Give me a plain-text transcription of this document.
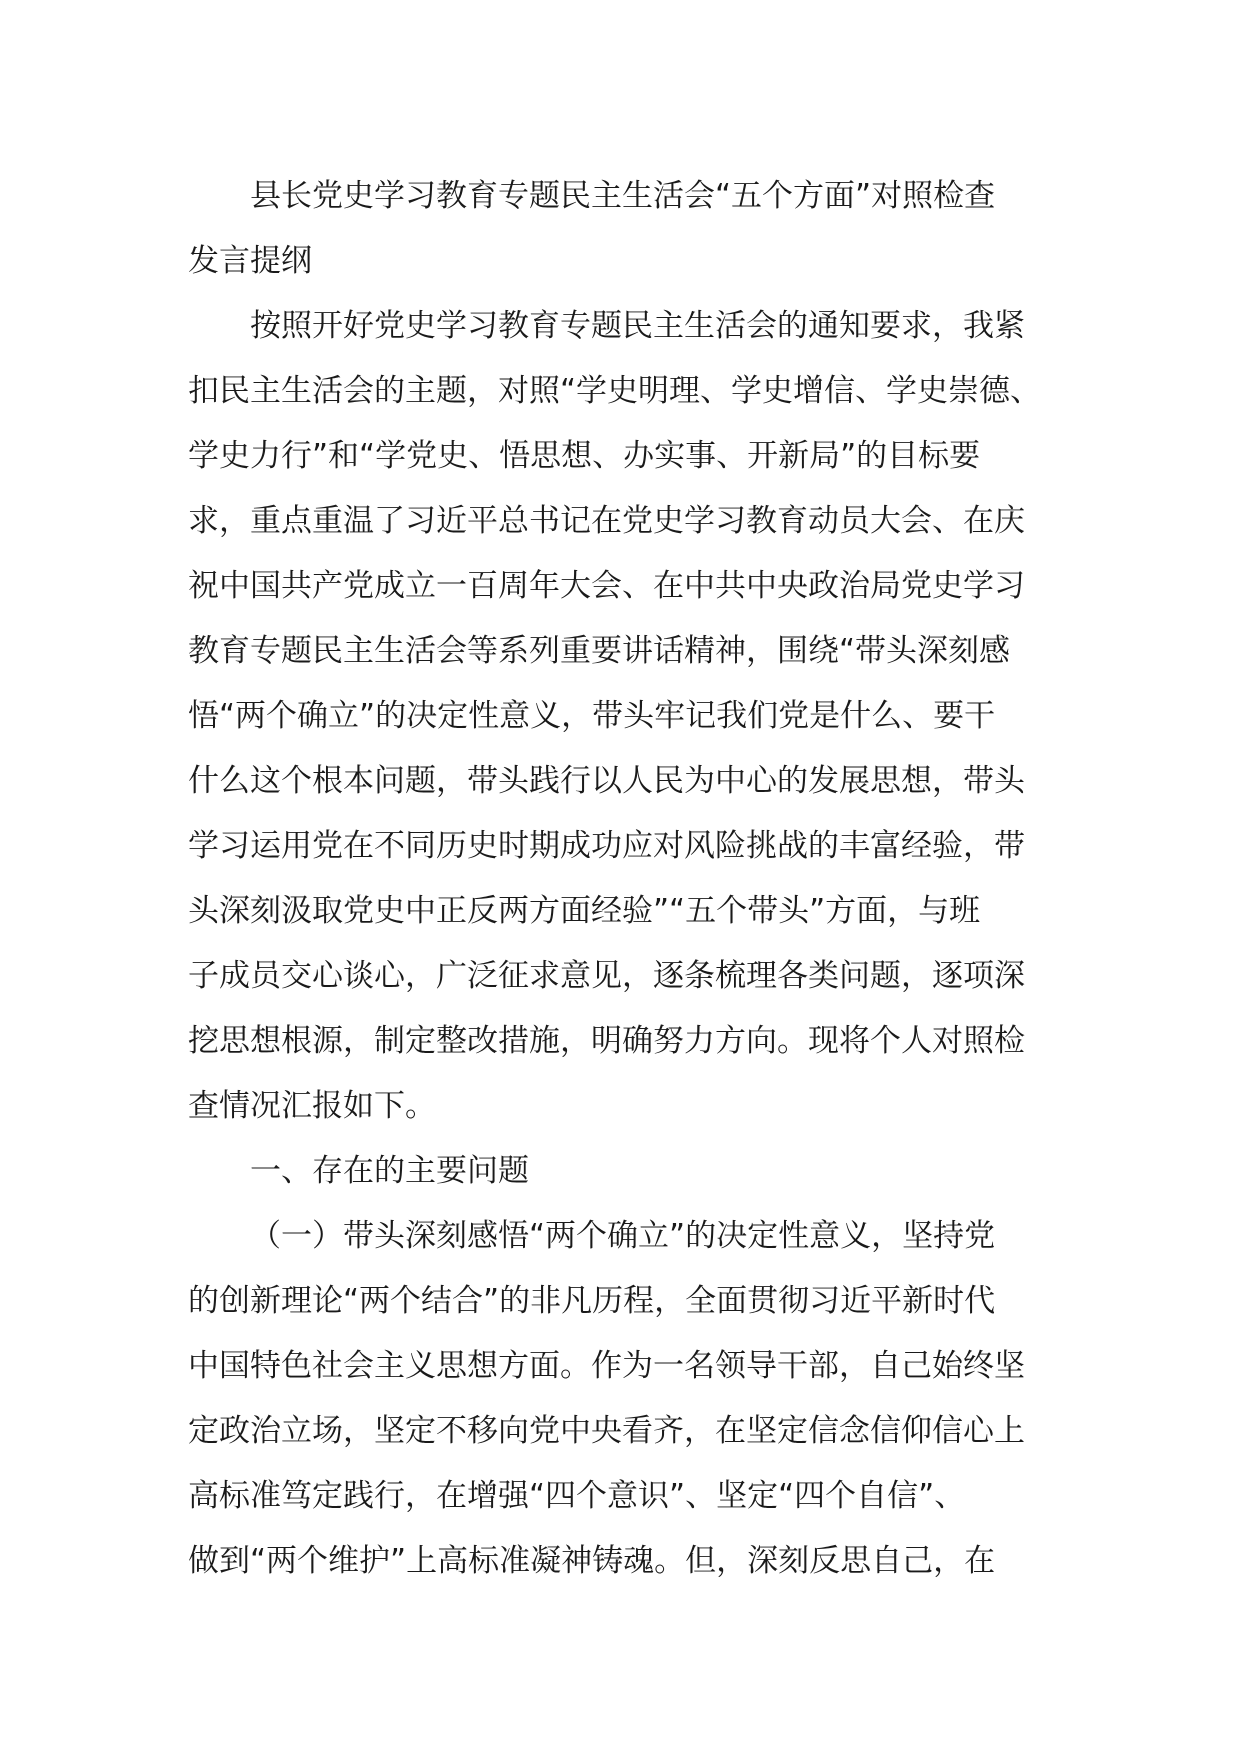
县长党史学习教育专题民主生活会“五个方面”对照检查
发言提纲
按照开好党史学习教育专题民主生活会的通知要求，我紧
扣民主生活会的主题，对照“学史明理、学史增信、学史崇德、
学史力行”和“学党史、悟思想、办实事、开新局”的目标要
求，重点重温了习近平总书记在党史学习教育动员大会、在庆
祝中国共产党成立一百周年大会、在中共中央政治局党史学习
教育专题民主生活会等系列重要讲话精神，围绕“带头深刻感
悟“两个确立”的决定性意义，带头牢记我们党是什么、要干
什么这个根本问题，带头践行以人民为中心的发展思想，带头
学习运用党在不同历史时期成功应对风险挑战的丰富经验，带
头深刻汲取党史中正反两方面经验”“五个带头”方面，与班
子成员交心谈心，广泛征求意见，逐条梳理各类问题，逐项深
挖思想根源，制定整改措施，明确努力方向。现将个人对照检
查情况汇报如下。
一、存在的主要问题
（一）带头深刻感悟“两个确立”的决定性意义，坚持党
的创新理论“两个结合”的非凡历程，全面贯彻习近平新时代
中国特色社会主义思想方面。作为一名领导干部，自己始终坚
定政治立场，坚定不移向党中央看齐，在坚定信念信仰信心上
高标准笃定践行，在增强“四个意识”、坚定“四个自信”、
做到“两个维护”上高标准凝神铸魂。但，深刻反思自己，在
